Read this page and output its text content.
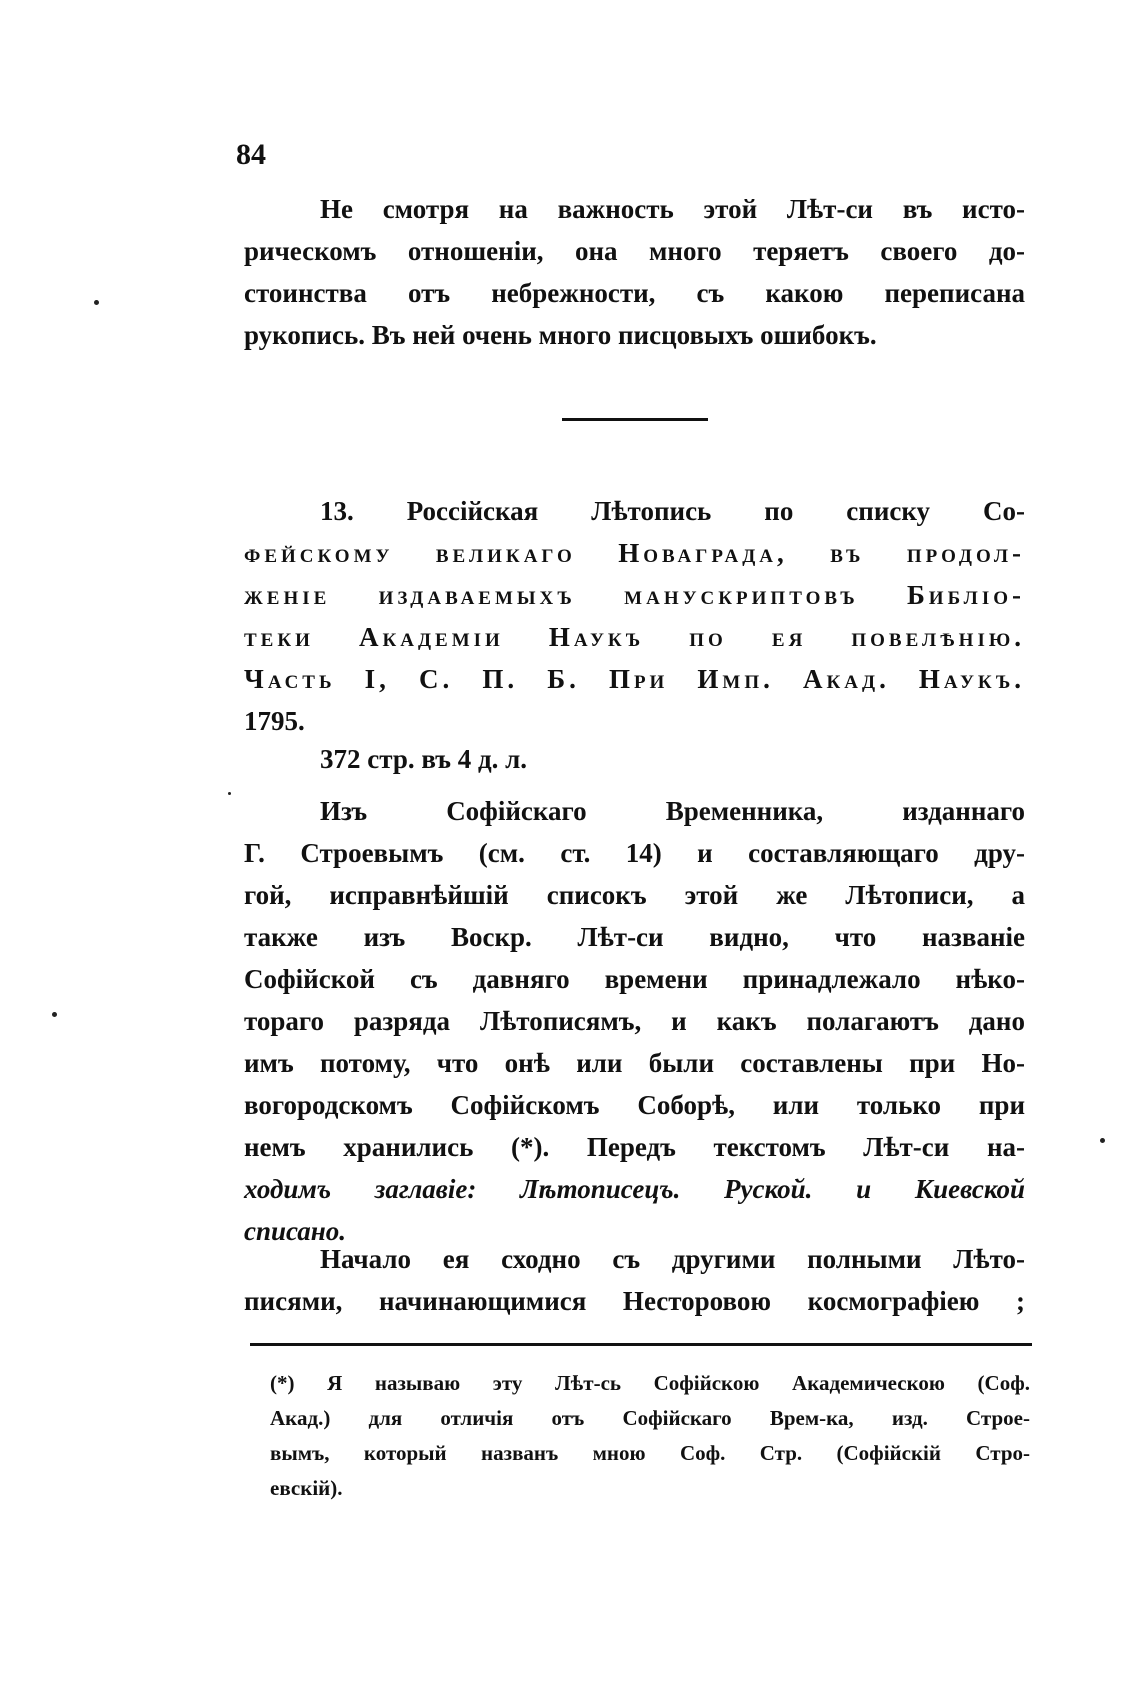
84
Не смотря на важность этой Лѣт-си въ исто-
рическомъ отношеніи, она много теряетъ своего до-
стоинства отъ небрежности, съ какою переписана
рукопись. Въ ней очень много писцовыхъ ошибокъ.
13. Россійская Лѣтопись по списку Со-
фейскому великаго Новаграда, въ продол-
женіе издаваемыхъ манускриптовъ Библіо-
теки Академіи Наукъ по ея повелѣнію.
Часть I, С. П. Б. При Имп. Акад. Наукъ.
1795.
372 стр. въ 4 д. л.
Изъ Софійскаго Временника, изданнаго
Г. Строевымъ (см. ст. 14) и составляющаго дру-
гой, исправнѣйшій списокъ этой же Лѣтописи, а
также изъ Воскр. Лѣт-си видно, что названіе
Софійской съ давняго времени принадлежало нѣко-
тораго разряда Лѣтописямъ, и какъ полагаютъ дано
имъ потому, что онѣ или были составлены при Но-
вогородскомъ Софійскомъ Соборѣ, или только при
немъ хранились (*). Передъ текстомъ Лѣт-си на-
ходимъ заглавіе: Лѣтописецъ. Руской. и Киевской
списано.
Начало ея сходно съ другими полными Лѣто-
писями, начинающимися Несторовою космографіею ;
(*) Я называю эту Лѣт-сь Софійскою Академическою (Соф.
Акад.) для отличія отъ Софійскаго Врем-ка, изд. Строе-
вымъ, который названъ мною Соф. Стр. (Софійскій Стро-
евскій).
